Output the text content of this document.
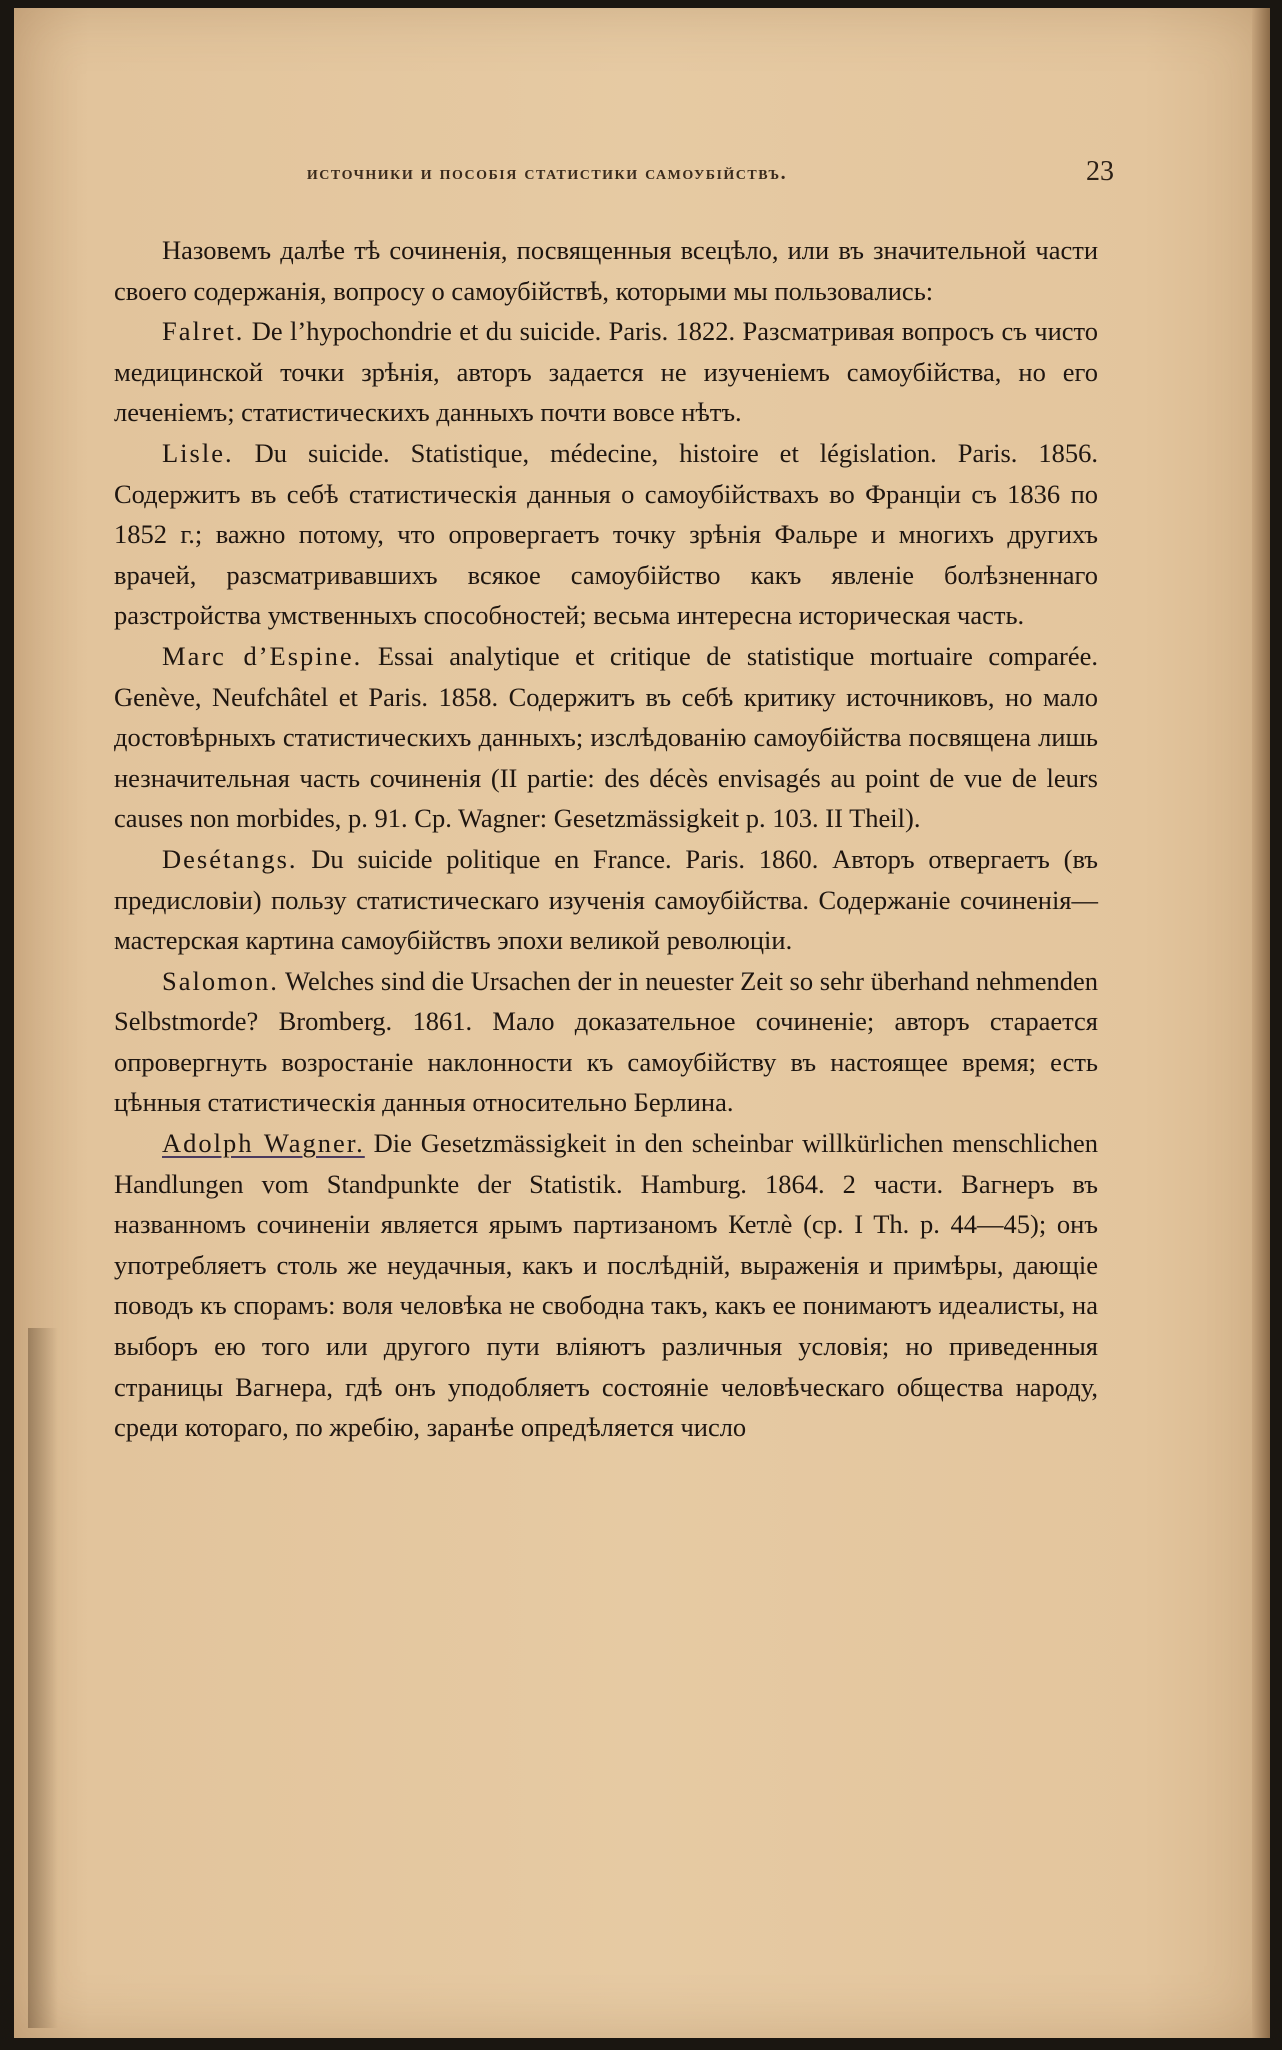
источники и пособія статистики самоубійствъ.	23

Назовемъ далѣе тѣ сочиненія, посвященныя всецѣло, или въ значительной части своего содержанія, вопросу о самоубійствѣ, которыми мы пользовались:

Falret. De l’hypochondrie et du suicide. Paris. 1822. Разсматривая вопросъ съ чисто медицинской точки зрѣнія, авторъ задается не изученіемъ самоубійства, но его леченіемъ; статистическихъ данныхъ почти вовсе нѣтъ.

Lisle. Du suicide. Statistique, médecine, histoire et législation. Paris. 1856. Содержитъ въ себѣ статистическія данныя о самоубійствахъ во Франціи съ 1836 по 1852 г.; важно потому, что опровергаетъ точку зрѣнія Фальре и многихъ другихъ врачей, разсматривавшихъ всякое самоубійство какъ явленіе болѣзненнаго разстройства умственныхъ способностей; весьма интересна историческая часть.

Marc d’Espine. Essai analytique et critique de statistique mortuaire comparée. Genève, Neufchâtel et Paris. 1858. Содержитъ въ себѣ критику источниковъ, но мало достовѣрныхъ статистическихъ данныхъ; изслѣдованію самоубійства посвящена лишь незначительная часть сочиненія (II partie: des décès envisagés au point de vue de leurs causes non morbides, p. 91. Cp. Wagner: Gesetzmässigkeit p. 103. II Theil).

Desétangs. Du suicide politique en France. Paris. 1860. Авторъ отвергаетъ (въ предисловіи) пользу статистическаго изученія самоубійства. Содержаніе сочиненія—мастерская картина самоубійствъ эпохи великой революціи.

Salomon. Welches sind die Ursachen der in neuester Zeit so sehr überhand nehmenden Selbstmorde? Bromberg. 1861. Мало доказательное сочиненіе; авторъ старается опровергнуть возростаніе наклонности къ самоубійству въ настоящее время; есть цѣнныя статистическія данныя относительно Берлина.

Adolph Wagner. Die Gesetzmässigkeit in den scheinbar willkürlichen menschlichen Handlungen vom Standpunkte der Statistik. Hamburg. 1864. 2 части. Вагнеръ въ названномъ сочиненіи является ярымъ партизаномъ Кетлѐ (ср. I Th. p. 44—45); онъ употребляетъ столь же неудачныя, какъ и послѣдній, выраженія и примѣры, дающіе поводъ къ спорамъ: воля человѣка не свободна такъ, какъ ее понимаютъ идеалисты, на выборъ ею того или другого пути вліяютъ различныя условія; но приведенныя страницы Вагнера, гдѣ онъ уподобляетъ состояніе человѣческаго общества народу, среди котораго, по жребію, заранѣе опредѣляется число
